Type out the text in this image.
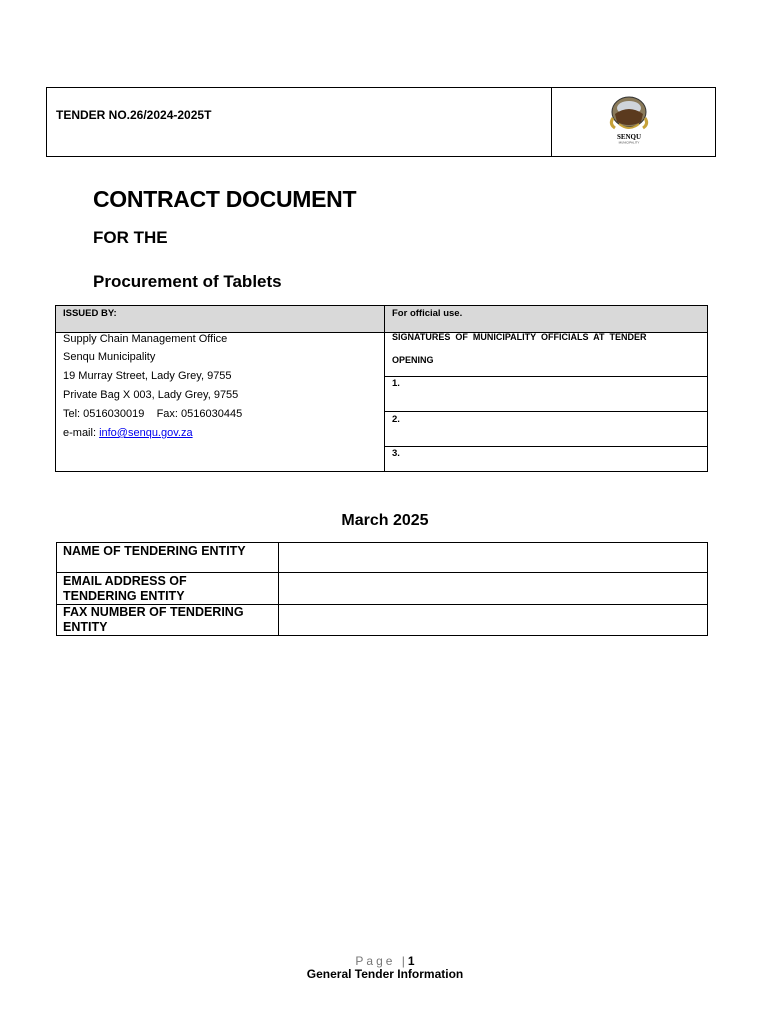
TENDER NO.26/2024-2025T
SENQU
MUNICIPALITY
CONTRACT DOCUMENT
FOR THE
Procurement of Tablets
ISSUED BY:	For official use.
Supply Chain Management Office
Senqu Municipality
19 Murray Street, Lady Grey, 9755
Private Bag X 003, Lady Grey, 9755
Tel: 0516030019    Fax: 0516030445
e-mail: info@senqu.gov.za
SIGNATURES  OF  MUNICIPALITY  OFFICIALS  AT  TENDER
OPENING
1.
2.
3.
March 2025
NAME OF TENDERING ENTITY
EMAIL ADDRESS OF
TENDERING ENTITY
FAX NUMBER OF TENDERING
ENTITY
Page |1
General Tender Information
